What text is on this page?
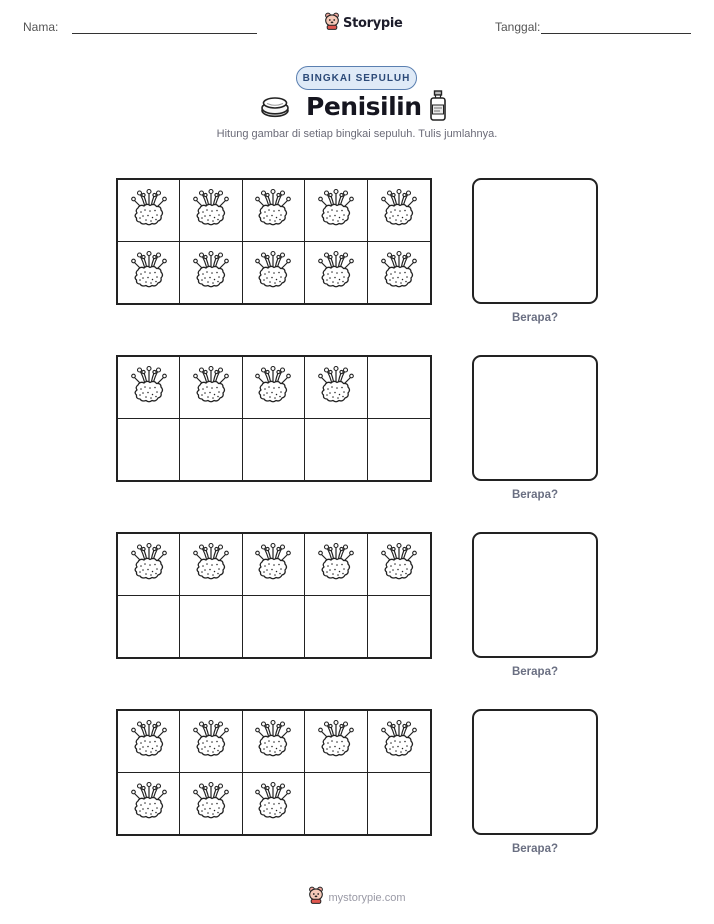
Nama:	Storypie	Tanggal:
BINGKAI SEPULUH
Penisilin
Hitung gambar di setiap bingkai sepuluh. Tulis jumlahnya.
Berapa?
Berapa?
Berapa?
Berapa?
mystorypie.com
